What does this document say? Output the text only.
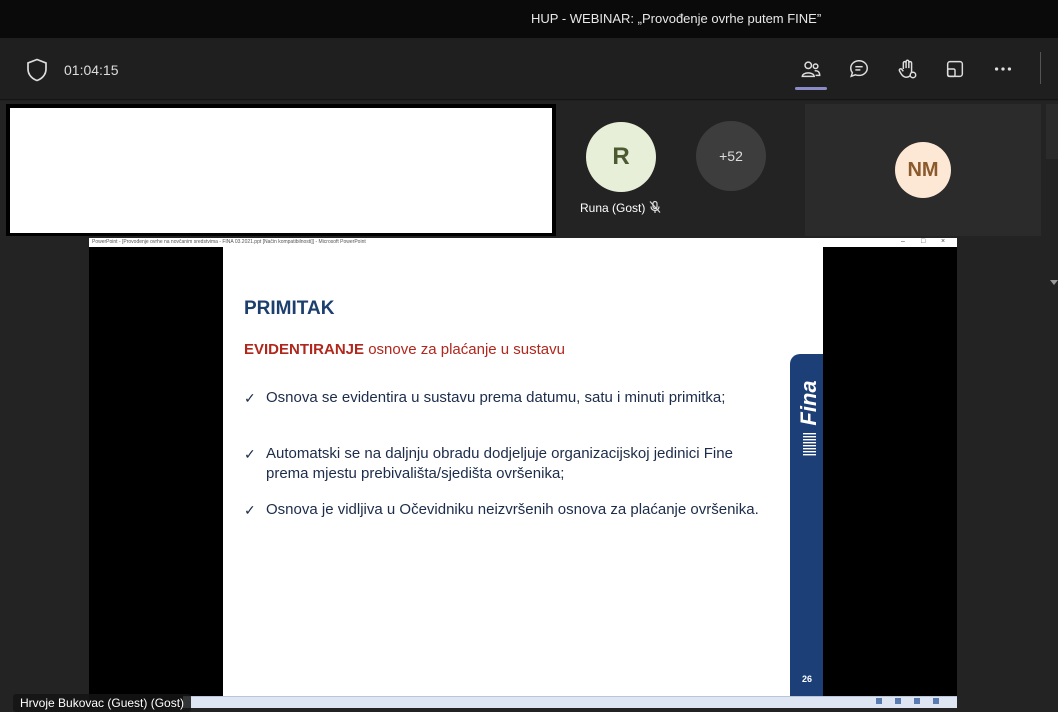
HUP - WEBINAR: „Provođenje ovrhe putem FINE”
01:04:15
R	+52
Runa (Gost)
NM
PowerPoint - [Provođenje ovrhe na novčanim sredstvima - FINA 03.2021.ppt [Način kompatibilnosti]] - Microsoft PowerPoint	– □ ×
PRIMITAK
EVIDENTIRANJE osnove za plaćanje u sustavu
✓ Osnova se evidentira u sustavu prema datumu, satu i minuti primitka;
✓ Automatski se na daljnju obradu dodjeljuje organizacijskoj jedinici Fine prema mjestu prebivališta/sjedišta ovršenika;
✓ Osnova je vidljiva u Očevidniku neizvršenih osnova za plaćanje ovršenika.
Fina
26
Hrvoje Bukovac (Guest) (Gost)
